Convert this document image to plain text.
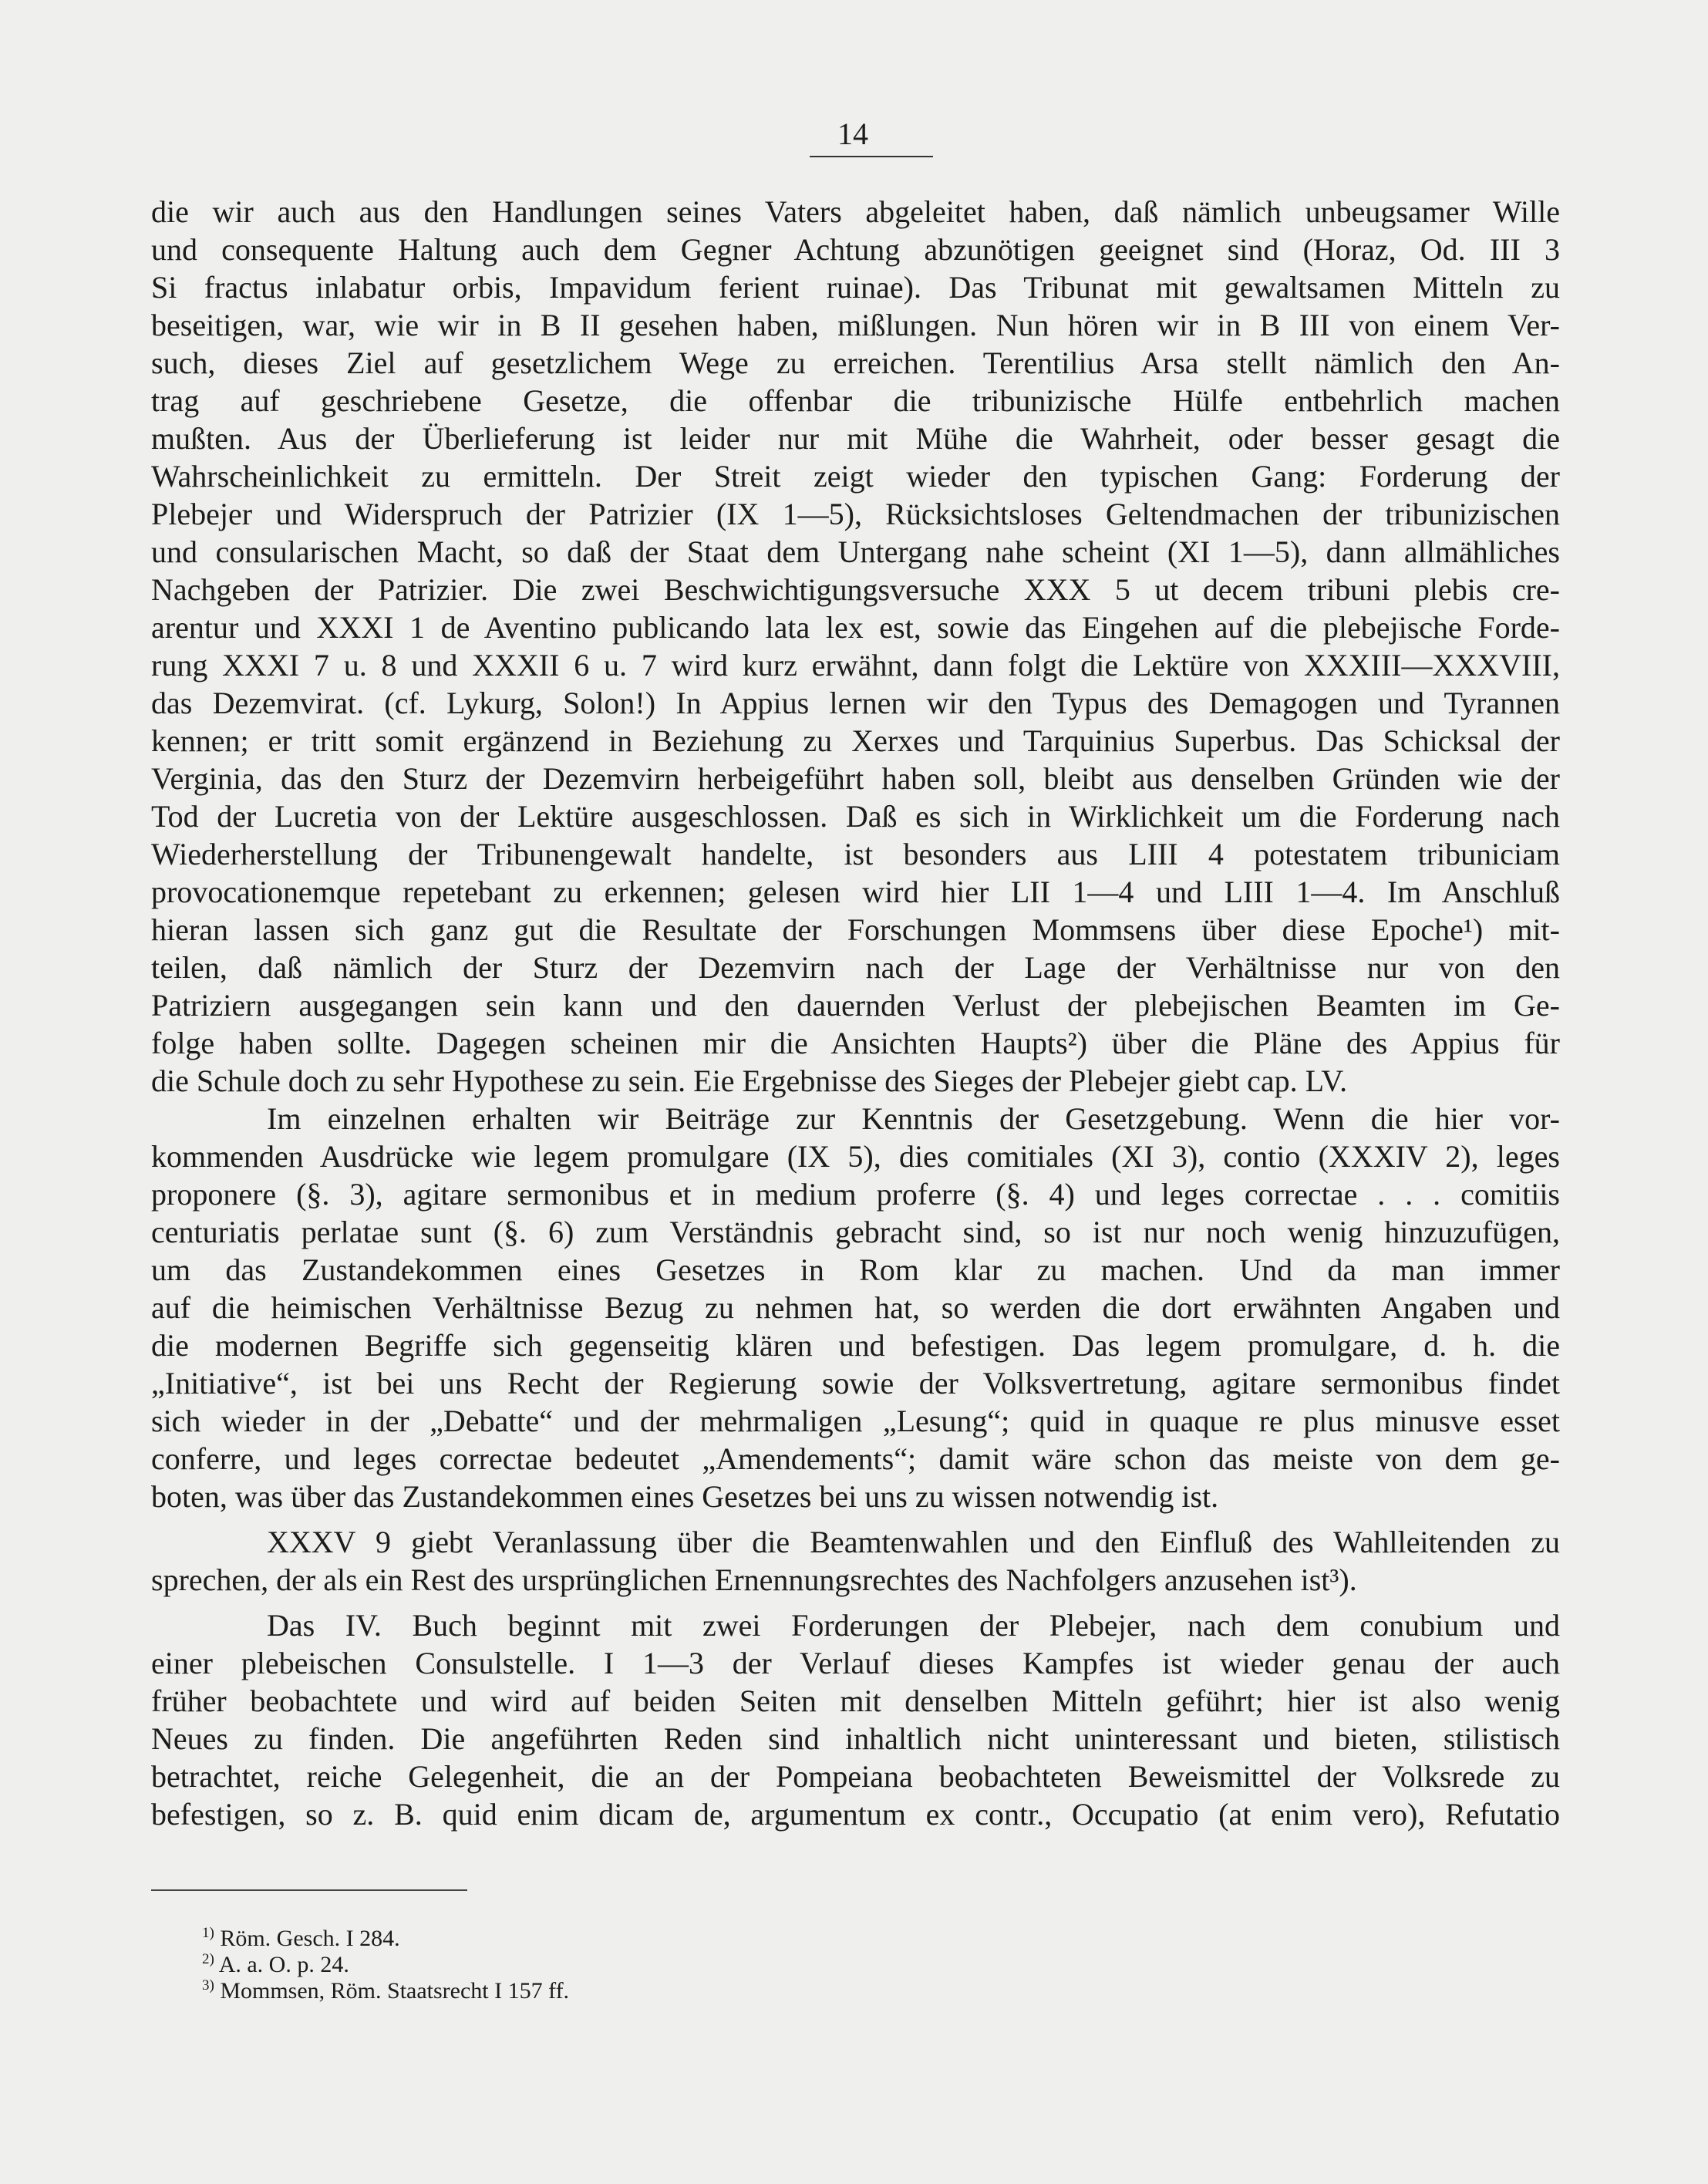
14
die wir auch aus den Handlungen seines Vaters abgeleitet haben, daß nämlich unbeugsamer Wille
und consequente Haltung auch dem Gegner Achtung abzunötigen geeignet sind (Horaz, Od. III 3
Si fractus inlabatur orbis, Impavidum ferient ruinae). Das Tribunat mit gewaltsamen Mitteln zu
beseitigen, war, wie wir in B II gesehen haben, mißlungen. Nun hören wir in B III von einem Ver-
such, dieses Ziel auf gesetzlichem Wege zu erreichen. Terentilius Arsa stellt nämlich den An-
trag auf geschriebene Gesetze, die offenbar die tribunizische Hülfe entbehrlich machen
mußten. Aus der Überlieferung ist leider nur mit Mühe die Wahrheit, oder besser gesagt die
Wahrscheinlichkeit zu ermitteln. Der Streit zeigt wieder den typischen Gang: Forderung der
Plebejer und Widerspruch der Patrizier (IX 1—5), Rücksichtsloses Geltendmachen der tribunizischen
und consularischen Macht, so daß der Staat dem Untergang nahe scheint (XI 1—5), dann allmähliches
Nachgeben der Patrizier. Die zwei Beschwichtigungsversuche XXX 5 ut decem tribuni plebis cre-
arentur und XXXI 1 de Aventino publicando lata lex est, sowie das Eingehen auf die plebejische Forde-
rung XXXI 7 u. 8 und XXXII 6 u. 7 wird kurz erwähnt, dann folgt die Lektüre von XXXIII—XXXVIII,
das Dezemvirat. (cf. Lykurg, Solon!) In Appius lernen wir den Typus des Demagogen und Tyrannen
kennen; er tritt somit ergänzend in Beziehung zu Xerxes und Tarquinius Superbus. Das Schicksal der
Verginia, das den Sturz der Dezemvirn herbeigeführt haben soll, bleibt aus denselben Gründen wie der
Tod der Lucretia von der Lektüre ausgeschlossen. Daß es sich in Wirklichkeit um die Forderung nach
Wiederherstellung der Tribunengewalt handelte, ist besonders aus LIII 4 potestatem tribuniciam
provocationemque repetebant zu erkennen; gelesen wird hier LII 1—4 und LIII 1—4. Im Anschluß
hieran lassen sich ganz gut die Resultate der Forschungen Mommsens über diese Epoche¹) mit-
teilen, daß nämlich der Sturz der Dezemvirn nach der Lage der Verhältnisse nur von den
Patriziern ausgegangen sein kann und den dauernden Verlust der plebejischen Beamten im Ge-
folge haben sollte. Dagegen scheinen mir die Ansichten Haupts²) über die Pläne des Appius für
die Schule doch zu sehr Hypothese zu sein. Eie Ergebnisse des Sieges der Plebejer giebt cap. LV.
Im einzelnen erhalten wir Beiträge zur Kenntnis der Gesetzgebung. Wenn die hier vor-
kommenden Ausdrücke wie legem promulgare (IX 5), dies comitiales (XI 3), contio (XXXIV 2), leges
proponere (§. 3), agitare sermonibus et in medium proferre (§. 4) und leges correctae . . . comitiis
centuriatis perlatae sunt (§. 6) zum Verständnis gebracht sind, so ist nur noch wenig hinzuzufügen,
um das Zustandekommen eines Gesetzes in Rom klar zu machen. Und da man immer
auf die heimischen Verhältnisse Bezug zu nehmen hat, so werden die dort erwähnten Angaben und
die modernen Begriffe sich gegenseitig klären und befestigen. Das legem promulgare, d. h. die
„Initiative“, ist bei uns Recht der Regierung sowie der Volksvertretung, agitare sermonibus findet
sich wieder in der „Debatte“ und der mehrmaligen „Lesung“; quid in quaque re plus minusve esset
conferre, und leges correctae bedeutet „Amendements“; damit wäre schon das meiste von dem ge-
boten, was über das Zustandekommen eines Gesetzes bei uns zu wissen notwendig ist.
XXXV 9 giebt Veranlassung über die Beamtenwahlen und den Einfluß des Wahlleitenden zu
sprechen, der als ein Rest des ursprünglichen Ernennungsrechtes des Nachfolgers anzusehen ist³).
Das IV. Buch beginnt mit zwei Forderungen der Plebejer, nach dem conubium und
einer plebeischen Consulstelle. I 1—3 der Verlauf dieses Kampfes ist wieder genau der auch
früher beobachtete und wird auf beiden Seiten mit denselben Mitteln geführt; hier ist also wenig
Neues zu finden. Die angeführten Reden sind inhaltlich nicht uninteressant und bieten, stilistisch
betrachtet, reiche Gelegenheit, die an der Pompeiana beobachteten Beweismittel der Volksrede zu
befestigen, so z. B. quid enim dicam de, argumentum ex contr., Occupatio (at enim vero), Refutatio
$^{1)}$ Röm. Gesch. I 284.
$^{2)}$ A. a. O. p. 24.
$^{3)}$ Mommsen, Röm. Staatsrecht I 157 ff.
